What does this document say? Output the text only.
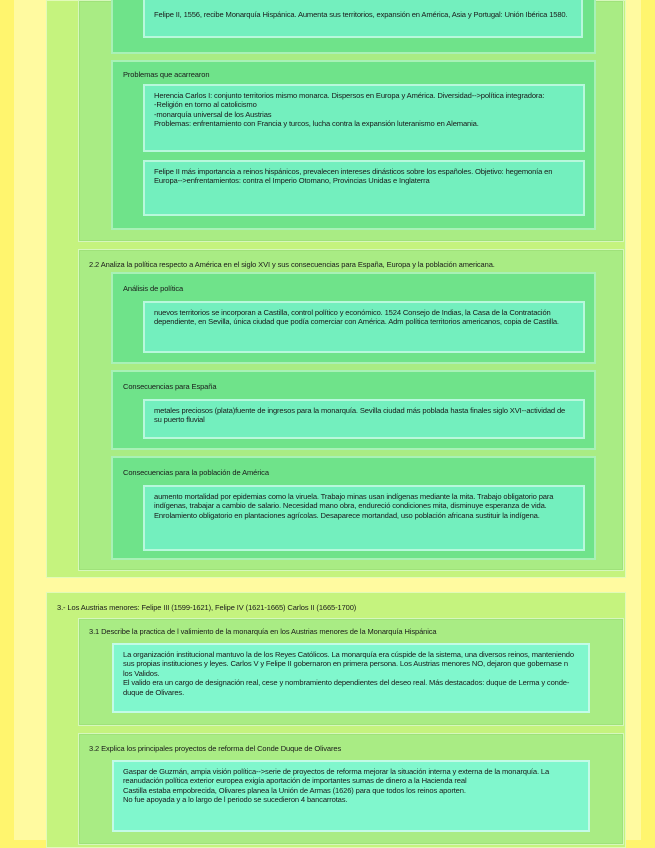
Felipe II, 1556, recibe Monarquía Hispánica. Aumenta sus territorios, expansión en América, Asia y Portugal: Unión Ibérica 1580.
Problemas que acarrearon
Herencia Carlos I: conjunto territorios mismo monarca. Dispersos en Europa y América. Diversidad-->política integradora:
-Religión en torno al catolicismo
-monarquía universal de los Austrias
Problemas: enfrentamiento con Francia y turcos, lucha contra la expansión luteranismo en Alemania.
Felipe II más importancia a reinos hispánicos, prevalecen intereses dinásticos sobre los españoles. Objetivo: hegemonía en Europa-->enfrentamientos: contra el Imperio Otomano, Provincias Unidas e Inglaterra
2.2 Analiza la política respecto a América en el siglo XVI y sus consecuencias para España, Europa y la población americana.
Análisis de política
nuevos territorios se incorporan a Castilla, control político y económico. 1524 Consejo de Indias, la Casa de la Contratación dependiente, en Sevilla, única ciudad que podía comerciar con América. Adm política territorios americanos, copia de Castilla.
Consecuencias para España
metales preciosos (plata)fuente de ingresos para la monarquía. Sevilla ciudad más poblada hasta finales siglo XVI--actividad de su puerto fluvial
Consecuencias para la población de América
aumento mortalidad por epidemias como la viruela. Trabajo minas usan indígenas mediante la mita. Trabajo obligatorio para indígenas, trabajar a cambio de salario. Necesidad mano obra, endureció condiciones mita, disminuye esperanza de vida. Enrolamiento obligatorio en plantaciones agrícolas. Desaparece mortandad, uso población africana sustituir la indígena.
3.- Los Austrias menores: Felipe III (1599-1621), Felipe IV (1621-1665) Carlos II (1665-1700)
3.1 Describe la practica de l valimiento de la monarquía en los Austrias menores de la Monarquía Hispánica
La organización institucional mantuvo la de los Reyes Católicos. La monarquía era cúspide de la sistema, una diversos reinos, manteniendo sus propias instituciones y leyes. Carlos V y Felipe II gobernaron en primera persona. Los Austrias menores NO, dejaron que gobernase n los Validos.
El valido era un cargo de designación real, cese y nombramiento dependientes del deseo real. Más destacados: duque de Lerma y conde-duque de Olivares.
3.2 Explica los principales proyectos de reforma del Conde Duque de Olivares
Gaspar de Guzmán, ampia visión política-->serie de proyectos de reforma mejorar la situación interna y externa de la monarquía. La reanudación política exterior europea exigía aportación de importantes sumas de dinero a la Hacienda real
Castilla estaba empobrecida, Olivares planea la Unión de Armas (1626) para que todos los reinos aporten.
No fue apoyada y a lo largo de l periodo se sucedieron 4 bancarrotas.
